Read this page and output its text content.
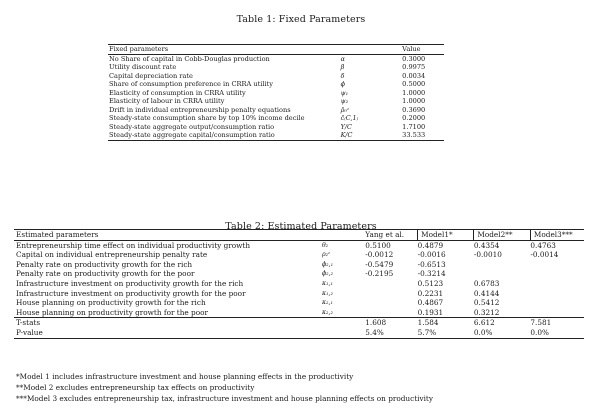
Table 1: Fixed Parameters
Fixed parameters		Value
No Share of capital in Cobb-Douglas production	α	0.3000
Utility discount rate	β	0.9975
Capital depreciation rate	δ	0.0034
Share of consumption preference in CRRA utility	ϕ	0.5000
Elasticity of consumption in CRRA utility	ψ₁	1.0000
Elasticity of labour in CRRA utility	ψ₂	1.0000
Drift in individual entrepreneurship penalty equations	ρ̄₀ᶻ	0.3690
Steady-state consumption share by top 10% income decile	c̄₍C,1₎	0.2000
Steady-state aggregate output/consumption ratio	Y/C	1.7100
Steady-state aggregate capital/consumption ratio	K/C	33.533
Table 2: Estimated Parameters
Estimated parameters		Yang et al.	Model1*	Model2**	Model3***
Entrepreneurship time effect on individual productivity growth	θ₂	0.5100	0.4879	0.4354	0.4763
Capital on individual entrepreneurship penalty rate	ρ₂ᶻ	-0.0012	-0.0016	-0.0010	-0.0014
Penalty rate on productivity growth for the rich	ϕ₂,₁	-0.5479	-0.6513		
Penalty rate on productivity growth for the poor	ϕ₂,₂	-0.2195	-0.3214		
Infrastructure investment on productivity growth for the rich	κ₁,₁		0.5123	0.6783	
Infrastructure investment on productivity growth for the poor	κ₁,₂		0.2231	0.4144	
House planning on productivity growth for the rich	κ₂,₁		0.4867	0.5412	
House planning on productivity growth for the poor	κ₂,₂		0.1931	0.3212	
T-stats		1.608	1.584	6.612	7.581
P-value		5.4%	5.7%	0.0%	0.0%
*Model 1 includes infrastructure investment and house planning effects in the productivity
**Model 2 excludes entrepreneurship tax effects on productivity
***Model 3 excludes entrepreneurship tax, infrastructure investment and house planning effects on productivity
